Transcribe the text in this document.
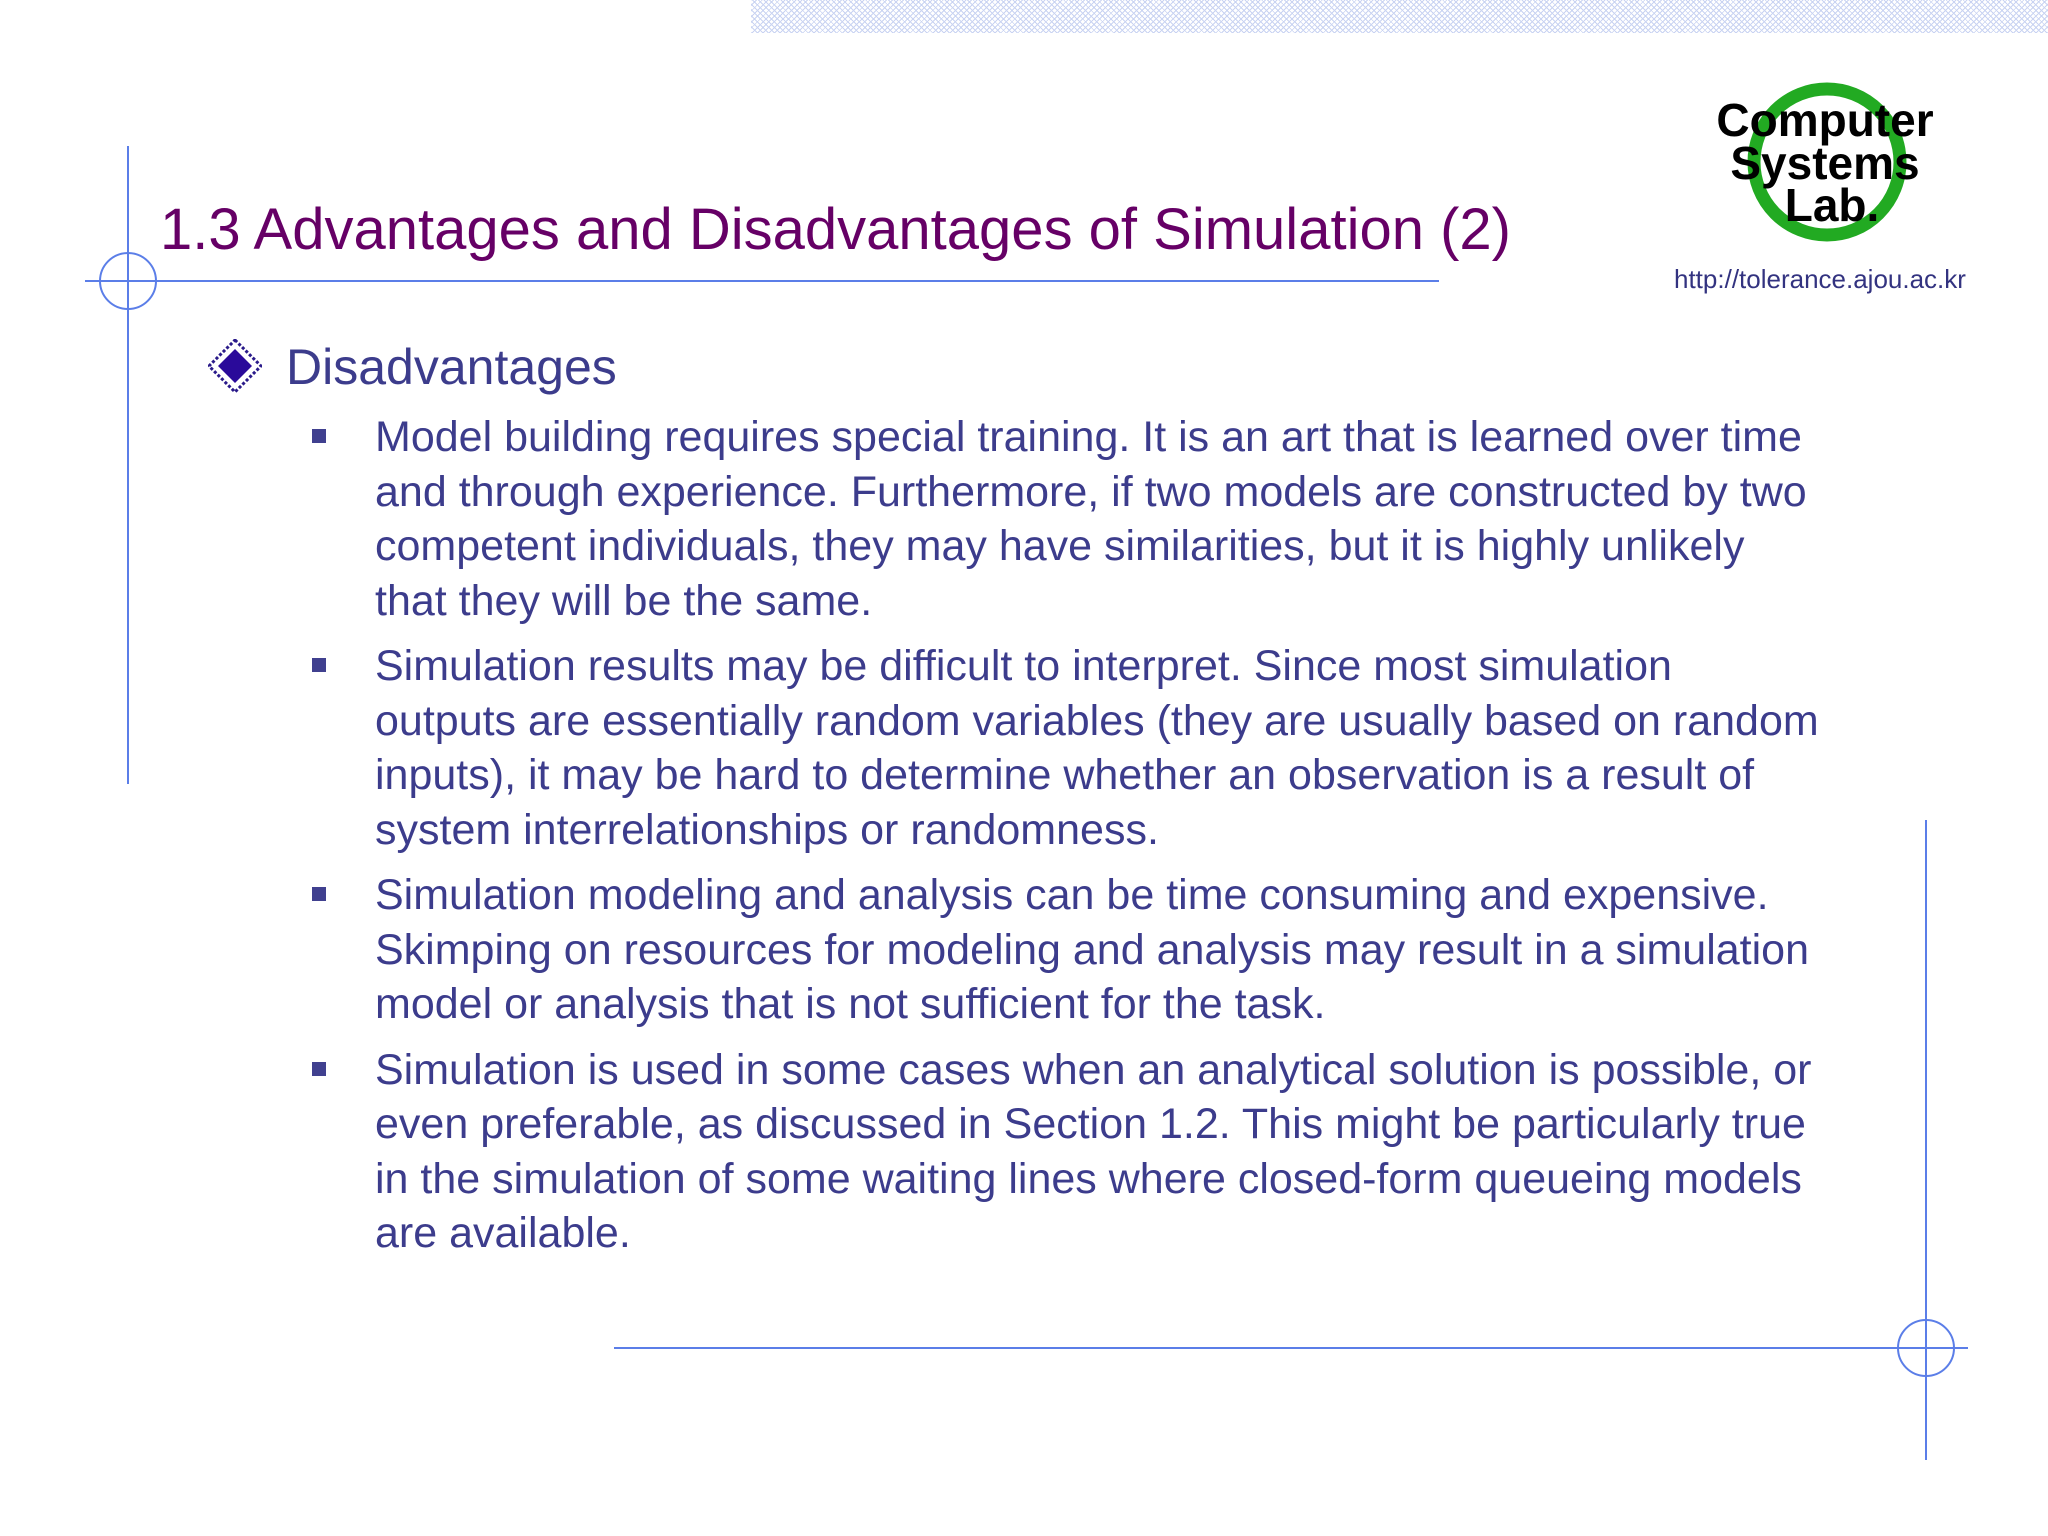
1.3 Advantages and Disadvantages of Simulation (2)
Computer
Systems
Lab.
http://tolerance.ajou.ac.kr
Disadvantages
Model building requires special training. It is an art that is learned over time
and through experience. Furthermore, if two models are constructed by two
competent individuals, they may have similarities, but it is highly unlikely
that they will be the same.
Simulation results may be difficult to interpret. Since most simulation
outputs are essentially random variables (they are usually based on random
inputs), it may be hard to determine whether an observation is a result of
system interrelationships or randomness.
Simulation modeling and analysis can be time consuming and expensive.
Skimping on resources for modeling and analysis may result in a simulation
model or analysis that is not sufficient for the task.
Simulation is used in some cases when an analytical solution is possible, or
even preferable, as discussed in Section 1.2. This might be particularly true
in the simulation of some waiting lines where closed-form queueing models
are available.
